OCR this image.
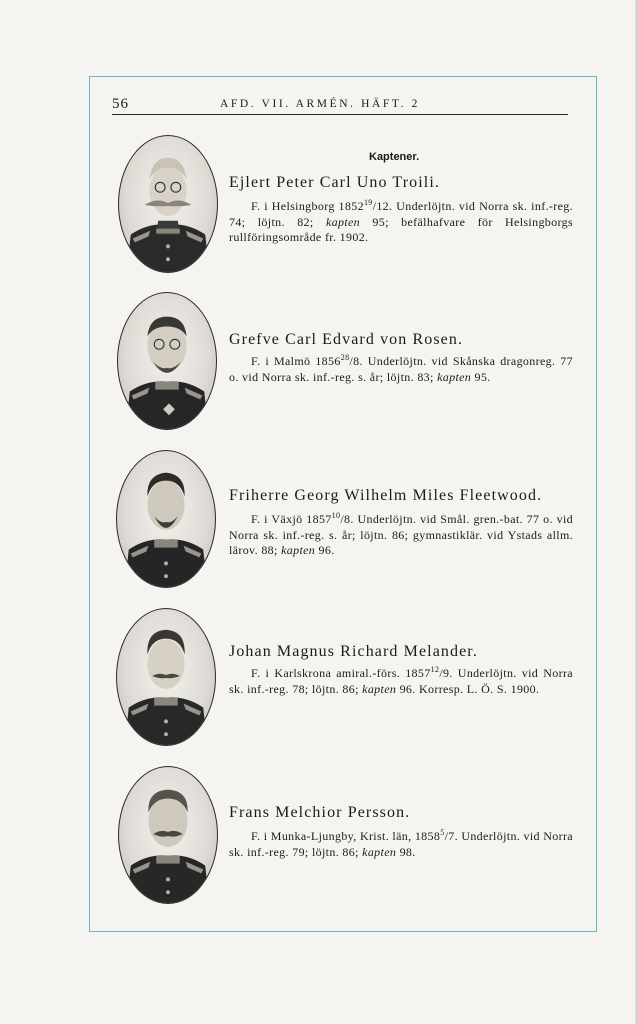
56	AFD. VII. ARMÉN. HÄFT. 2
Kaptener.
Ejlert Peter Carl Uno Troili.
F. i Helsingborg 1852$^{19}$/12. Underlöjtn. vid Norra sk. inf.-reg. 74; löjtn. 82; kapten 95; befälhafvare för Helsingborgs rullföringsområde fr. 1902.
Grefve Carl Edvard von Rosen.
F. i Malmö 1856$^{28}$/8. Underlöjtn. vid Skånska dragonreg. 77 o. vid Norra sk. inf.-reg. s. år; löjtn. 83; kapten 95.
Friherre Georg Wilhelm Miles Fleetwood.
F. i Växjö 1857$^{10}$/8. Underlöjtn. vid Smål. gren.-bat. 77 o. vid Norra sk. inf.-reg. s. år; löjtn. 86; gymnastiklär. vid Ystads allm. lärov. 88; kapten 96.
Johan Magnus Richard Melander.
F. i Karlskrona amiral.-förs. 1857$^{12}$/9. Underlöjtn. vid Norra sk. inf.-reg. 78; löjtn. 86; kapten 96. Korresp. L. Ö. S. 1900.
Frans Melchior Persson.
F. i Munka-Ljungby, Krist. län, 1858$^5$/7. Underlöjtn. vid Norra sk. inf.-reg. 79; löjtn. 86; kapten 98.
